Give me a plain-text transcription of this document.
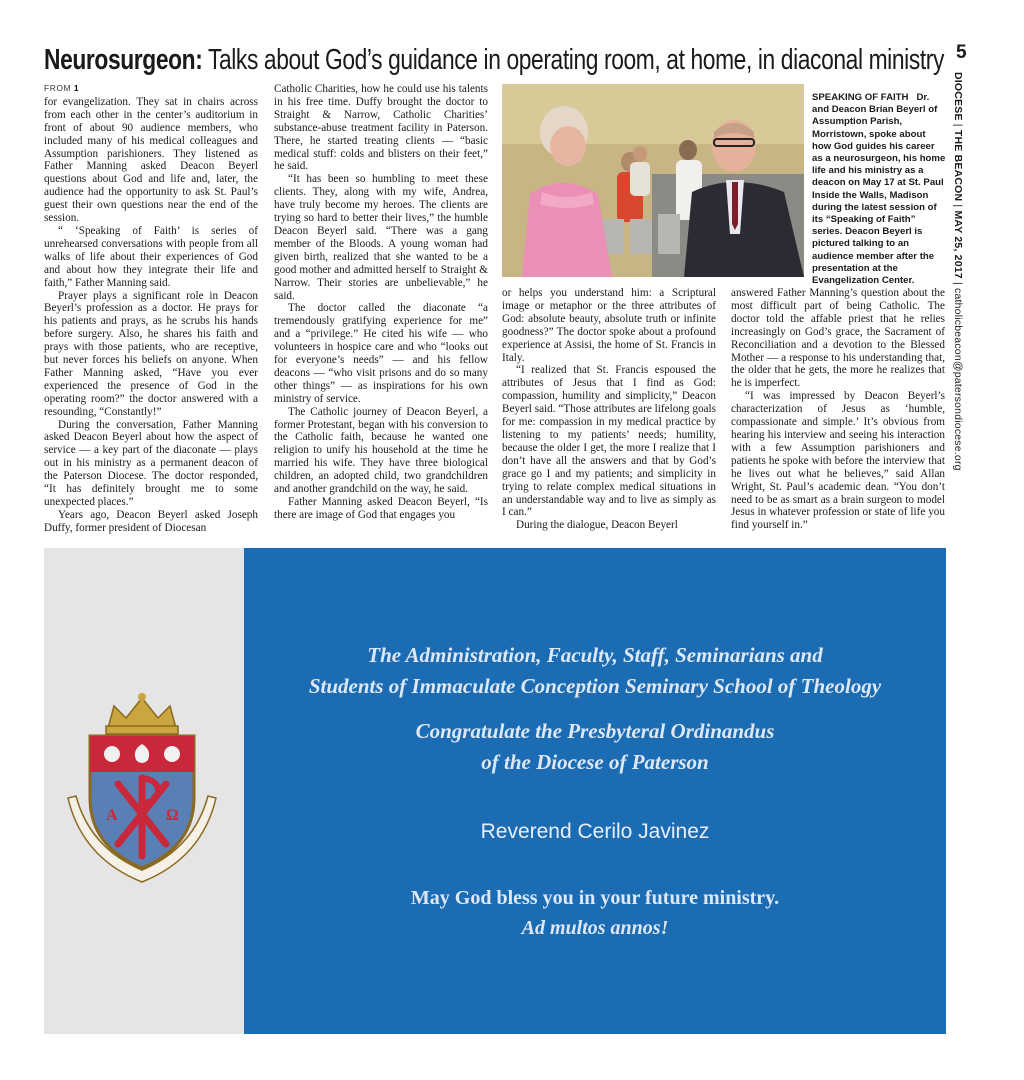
Neurosurgeon: Talks about God’s guidance in operating room, at home, in diaconal ministry 5
DIOCESE | THE BEACON | MAY 25, 2017 | catholicbeacon@patersondiocese.org
FROM 1

for evangelization. They sat in chairs across from each other in the center’s auditorium in front of about 90 audience members, who included many of his medical colleagues and Assumption parishioners. They listened as Father Manning asked Deacon Beyerl questions about God and life and, later, the audience had the opportunity to ask St. Paul’s guest their own questions near the end of the session.

“ ‘Speaking of Faith’ is series of unrehearsed conversations with people from all walks of life about their experiences of God and about how they integrate their life and faith,” Father Manning said.

Prayer plays a significant role in Deacon Beyerl’s profession as a doctor. He prays for his patients and prays, as he scrubs his hands before surgery. Also, he shares his faith and prays with those patients, who are receptive, but never forces his beliefs on anyone. When Father Manning asked, “Have you ever experienced the presence of God in the operating room?” the doctor answered with a resounding, “Constantly!”

During the conversation, Father Manning asked Deacon Beyerl about how the aspect of service — a key part of the diaconate — plays out in his ministry as a permanent deacon of the Paterson Diocese. The doctor responded, “It has definitely brought me to some unexpected places.”

Years ago, Deacon Beyerl asked Joseph Duffy, former president of Diocesan

Catholic Charities, how he could use his talents in his free time. Duffy brought the doctor to Straight & Narrow, Catholic Charities’ substance-abuse treatment facility in Paterson. There, he started treating clients — “basic medical stuff: colds and blisters on their feet,” he said.

“It has been so humbling to meet these clients. They, along with my wife, Andrea, have truly become my heroes. The clients are trying so hard to better their lives,” the humble Deacon Beyerl said. “There was a gang member of the Bloods. A young woman had given birth, realized that she wanted to be a good mother and admitted herself to Straight & Narrow. Their stories are unbelievable,” he said.

The doctor called the diaconate “a tremendously gratifying experience for me” and a “privilege.” He cited his wife — who volunteers in hospice care and who “looks out for everyone’s needs” — and his fellow deacons — “who visit prisons and do so many other things” — as inspirations for his own ministry of service.

The Catholic journey of Deacon Beyerl, a former Protestant, began with his conversion to the Catholic faith, because he wanted one religion to unify his household at the time he married his wife. They have three biological children, an adopted child, two grandchildren and another grandchild on the way, he said.

Father Manning asked Deacon Beyerl, “Is there are image of God that engages you

or helps you understand him: a Scriptural image or metaphor or the three attributes of God: absolute beauty, absolute truth or infinite goodness?” The doctor spoke about a profound experience at Assisi, the home of St. Francis in Italy.

“I realized that St. Francis espoused the attributes of Jesus that I find as God: compassion, humility and simplicity,” Deacon Beyerl said. “Those attributes are lifelong goals for me: compassion in my medical practice by listening to my patients’ needs; humility, because the older I get, the more I realize that I don’t have all the answers and that by God’s grace go I and my patients; and simplicity in trying to relate complex medical situations in an understandable way and to live as simply as I can.”

During the dialogue, Deacon Beyerl

answered Father Manning’s question about the most difficult part of being Catholic. The doctor told the affable priest that he relies increasingly on God’s grace, the Sacrament of Reconciliation and a devotion to the Blessed Mother — a response to his understanding that, the older that he gets, the more he realizes that he is imperfect.

“I was impressed by Deacon Beyerl’s characterization of Jesus as ‘humble, compassionate and simple.’ It’s obvious from hearing his interview and seeing his interaction with a few Assumption parishioners and patients he spoke with before the interview that he lives out what he believes,” said Allan Wright, St. Paul’s academic dean. “You don’t need to be as smart as a brain surgeon to model Jesus in whatever profession or state of life you find yourself in.”

SPEAKING OF FAITH Dr. and Deacon Brian Beyerl of Assumption Parish, Morristown, spoke about how God guides his career as a neurosurgeon, his home life and his ministry as a deacon on May 17 at St. Paul Inside the Walls, Madison during the latest session of its “Speaking of Faith” series. Deacon Beyerl is pictured talking to an audience member after the presentation at the Evangelization Center.
A	Ω
The Administration, Faculty, Staff, Seminarians and
Students of Immaculate Conception Seminary School of Theology
Congratulate the Presbyteral Ordinandus
of the Diocese of Paterson
Reverend Cerilo Javinez
May God bless you in your future ministry.
Ad multos annos!
